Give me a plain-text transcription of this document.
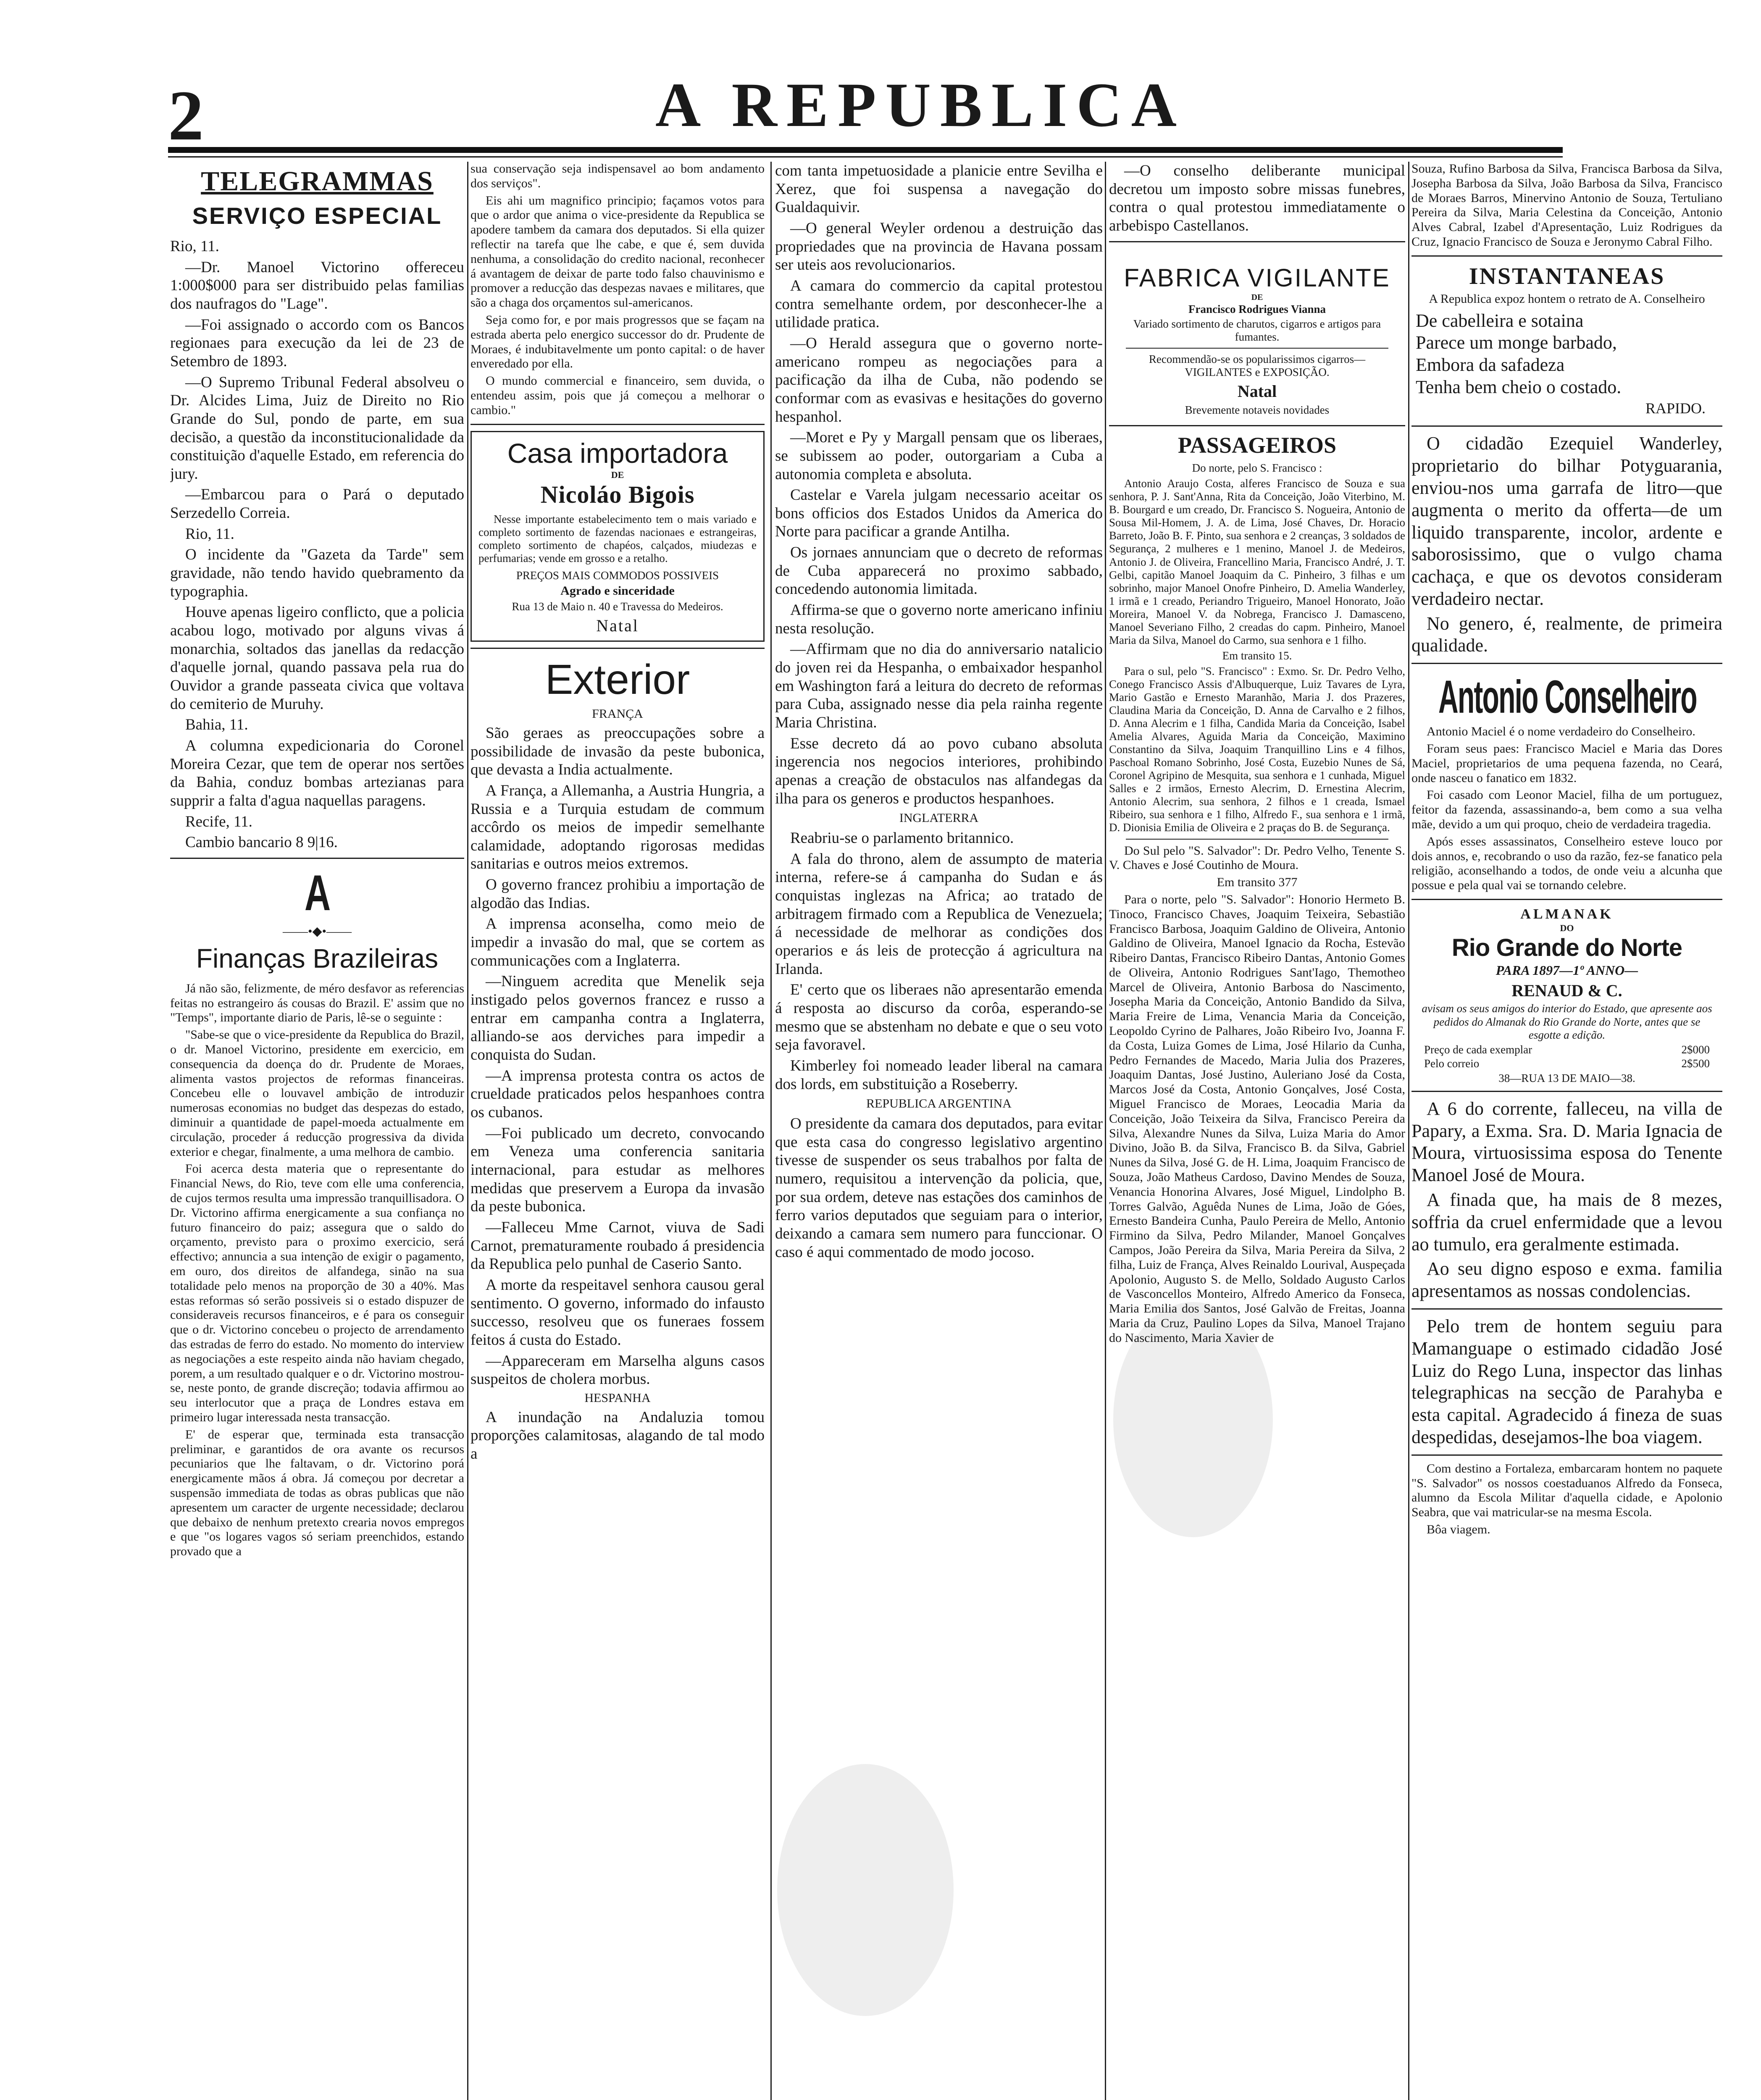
2	A REPUBLICA
TELEGRAMMAS
SERVIÇO ESPECIAL

Rio, 11.

—Dr. Manoel Victorino offereceu 1:000$000 para ser distribuido pelas familias dos naufragos do "Lage".

—Foi assignado o accordo com os Bancos regionaes para execução da lei de 23 de Setembro de 1893.

—O Supremo Tribunal Federal absolveu o Dr. Alcides Lima, Juiz de Direito no Rio Grande do Sul, pondo de parte, em sua decisão, a questão da inconstitucionalidade da constituição d'aquelle Estado, em referencia do jury.

—Embarcou para o Pará o deputado Serzedello Correia.

Rio, 11.

O incidente da "Gazeta da Tarde" sem gravidade, não tendo havido quebramento da typographia.

Houve apenas ligeiro conflicto, que a policia acabou logo, motivado por alguns vivas á monarchia, soltados das janellas da redacção d'aquelle jornal, quando passava pela rua do Ouvidor a grande passeata civica que voltava do cemiterio de Muruhy.

Bahia, 11.

A columna expedicionaria do Coronel Moreira Cezar, que tem de operar nos sertões da Bahia, conduz bombas artezianas para supprir a falta d'agua naquellas paragens.

Recife, 11.

Cambio bancario 8 9|16.

A
——•◆•——
Finanças Brazileiras

Já não são, felizmente, de méro desfavor as referencias feitas no estrangeiro ás cousas do Brazil. E' assim que no "Temps", importante diario de Paris, lê-se o seguinte :

"Sabe-se que o vice-presidente da Republica do Brazil, o dr. Manoel Victorino, presidente em exercicio, em consequencia da doença do dr. Prudente de Moraes, alimenta vastos projectos de reformas financeiras. Concebeu elle o louvavel ambição de introduzir numerosas economias no budget das despezas do estado, diminuir a quantidade de papel-moeda actualmente em circulação, proceder á reducção progressiva da divida exterior e chegar, finalmente, a uma melhora de cambio.

Foi acerca desta materia que o representante do Financial News, do Rio, teve com elle uma conferencia, de cujos termos resulta uma impressão tranquillisadora. O Dr. Victorino affirma energicamente a sua confiança no futuro financeiro do paiz; assegura que o saldo do orçamento, previsto para o proximo exercicio, será effectivo; annuncia a sua intenção de exigir o pagamento, em ouro, dos direitos de alfandega, sinão na sua totalidade pelo menos na proporção de 30 a 40%. Mas estas reformas só serão possiveis si o estado dispuzer de consideraveis recursos financeiros, e é para os conseguir que o dr. Victorino concebeu o projecto de arrendamento das estradas de ferro do estado. No momento do interview as negociações a este respeito ainda não haviam chegado, porem, a um resultado qualquer e o dr. Victorino mostrou-se, neste ponto, de grande discreção; todavia affirmou ao seu interlocutor que a praça de Londres estava em primeiro lugar interessada nesta transacção.

E' de esperar que, terminada esta transacção preliminar, e garantidos de ora avante os recursos pecuniarios que lhe faltavam, o dr. Victorino porá energicamente mãos á obra. Já começou por decretar a suspensão immediata de todas as obras publicas que não apresentem um caracter de urgente necessidade; declarou que debaixo de nenhum pretexto crearia novos empregos e que "os logares vagos só seriam preenchidos, estando provado que a

sua conservação seja indispensavel ao bom andamento dos serviços".

Eis ahi um magnifico principio; façamos votos para que o ardor que anima o vice-presidente da Republica se apodere tambem da camara dos deputados. Si ella quizer reflectir na tarefa que lhe cabe, e que é, sem duvida nenhuma, a consolidação do credito nacional, reconhecer á avantagem de deixar de parte todo falso chauvinismo e promover a reducção das despezas navaes e militares, que são a chaga dos orçamentos sul-americanos.

Seja como for, e por mais progressos que se façam na estrada aberta pelo energico successor do dr. Prudente de Moraes, é indubitavelmente um ponto capital: o de haver enveredado por ella.

O mundo commercial e financeiro, sem duvida, o entendeu assim, pois que já começou a melhorar o cambio."

Casa importadora
DE
Nicoláo Bigois

Nesse importante estabelecimento tem o mais variado e completo sortimento de fazendas nacionaes e estrangeiras, completo sortimento de chapéos, calçados, miudezas e perfumarias; vende em grosso e a retalho.

PREÇOS MAIS COMMODOS POSSIVEIS
Agrado e sinceridade
Rua 13 de Maio n. 40 e Travessa do Medeiros.
Natal
Exterior
FRANÇA

São geraes as preoccupações sobre a possibilidade de invasão da peste bubonica, que devasta a India actualmente.

A França, a Allemanha, a Austria Hungria, a Russia e a Turquia estudam de commum accôrdo os meios de impedir semelhante calamidade, adoptando rigorosas medidas sanitarias e outros meios extremos.

O governo francez prohibiu a importação de algodão das Indias.

A imprensa aconselha, como meio de impedir a invasão do mal, que se cortem as communicações com a Inglaterra.

—Ninguem acredita que Menelik seja instigado pelos governos francez e russo a entrar em campanha contra a Inglaterra, alliando-se aos derviches para impedir a conquista do Sudan.

—A imprensa protesta contra os actos de crueldade praticados pelos hespanhoes contra os cubanos.

—Foi publicado um decreto, convocando em Veneza uma conferencia sanitaria internacional, para estudar as melhores medidas que preservem a Europa da invasão da peste bubonica.

—Falleceu Mme Carnot, viuva de Sadi Carnot, prematuramente roubado á presidencia da Republica pelo punhal de Caserio Santo.

A morte da respeitavel senhora causou geral sentimento. O governo, informado do infausto successo, resolveu que os funeraes fossem feitos á custa do Estado.

—Appareceram em Marselha alguns casos suspeitos de cholera morbus.

HESPANHA

A inundação na Andaluzia tomou proporções calamitosas, alagando de tal modo a

com tanta impetuosidade a planicie entre Sevilha e Xerez, que foi suspensa a navegação do Gualdaquivir.

—O general Weyler ordenou a destruição das propriedades que na provincia de Havana possam ser uteis aos revolucionarios.

A camara do commercio da capital protestou contra semelhante ordem, por desconhecer-lhe a utilidade pratica.

—O Herald assegura que o governo norte-americano rompeu as negociações para a pacificação da ilha de Cuba, não podendo se conformar com as evasivas e hesitações do governo hespanhol.

—Moret e Py y Margall pensam que os liberaes, se subissem ao poder, outorgariam a Cuba a autonomia completa e absoluta.

Castelar e Varela julgam necessario aceitar os bons officios dos Estados Unidos da America do Norte para pacificar a grande Antilha.

Os jornaes annunciam que o decreto de reformas de Cuba apparecerá no proximo sabbado, concedendo autonomia limitada.

Affirma-se que o governo norte americano infiniu nesta resolução.

—Affirmam que no dia do anniversario natalicio do joven rei da Hespanha, o embaixador hespanhol em Washington fará a leitura do decreto de reformas para Cuba, assignado nesse dia pela rainha regente Maria Christina.

Esse decreto dá ao povo cubano absoluta ingerencia nos negocios interiores, prohibindo apenas a creação de obstaculos nas alfandegas da ilha para os generos e productos hespanhoes.

INGLATERRA

Reabriu-se o parlamento britannico.

A fala do throno, alem de assumpto de materia interna, refere-se á campanha do Sudan e ás conquistas inglezas na Africa; ao tratado de arbitragem firmado com a Republica de Venezuela; á necessidade de melhorar as condições dos operarios e ás leis de protecção á agricultura na Irlanda.

E' certo que os liberaes não apresentarão emenda á resposta ao discurso da corôa, esperando-se mesmo que se abstenham no debate e que o seu voto seja favoravel.

Kimberley foi nomeado leader liberal na camara dos lords, em substituição a Roseberry.

REPUBLICA ARGENTINA

O presidente da camara dos deputados, para evitar que esta casa do congresso legislativo argentino tivesse de suspender os seus trabalhos por falta de numero, requisitou a intervenção da policia, que, por sua ordem, deteve nas estações dos caminhos de ferro varios deputados que seguiam para o interior, deixando a camara sem numero para funccionar. O caso é aqui commentado de modo jocoso.

—O conselho deliberante municipal decretou um imposto sobre missas funebres, contra o qual protestou immediatamente o arbebispo Castellanos.

FABRICA VIGILANTE
DE
Francisco Rodrigues Vianna
Variado sortimento de charutos, cigarros e artigos para fumantes.
Recommendão-se os popularissimos cigarros—VIGILANTES e EXPOSIÇÃO.
Natal
Brevemente notaveis novidades
PASSAGEIROS

Do norte, pelo S. Francisco :

Antonio Araujo Costa, alferes Francisco de Souza e sua senhora, P. J. Sant'Anna, Rita da Conceição, João Viterbino, M. B. Bourgard e um creado, Dr. Francisco S. Nogueira, Antonio de Sousa Mil-Homem, J. A. de Lima, José Chaves, Dr. Horacio Barreto, João B. F. Pinto, sua senhora e 2 creanças, 3 soldados de Segurança, 2 mulheres e 1 menino, Manoel J. de Medeiros, Antonio J. de Oliveira, Francellino Maria, Francisco André, J. T. Gelbi, capitão Manoel Joaquim da C. Pinheiro, 3 filhas e um sobrinho, major Manoel Onofre Pinheiro, D. Amelia Wanderley, 1 irmã e 1 creado, Periandro Trigueiro, Manoel Honorato, João Moreira, Manoel V. da Nobrega, Francisco J. Damasceno, Manoel Severiano Filho, 2 creadas do capm. Pinheiro, Manoel Maria da Silva, Manoel do Carmo, sua senhora e 1 filho.

Em transito 15.

Para o sul, pelo "S. Francisco" : Exmo. Sr. Dr. Pedro Velho, Conego Francisco Assis d'Albuquerque, Luiz Tavares de Lyra, Mario Gastão e Ernesto Maranhão, Maria J. dos Prazeres, Claudina Maria da Conceição, D. Anna de Carvalho e 2 filhos, D. Anna Alecrim e 1 filha, Candida Maria da Conceição, Isabel Amelia Alvares, Aguida Maria da Conceição, Maximino Constantino da Silva, Joaquim Tranquillino Lins e 4 filhos, Paschoal Romano Sobrinho, José Costa, Euzebio Nunes de Sá, Coronel Agripino de Mesquita, sua senhora e 1 cunhada, Miguel Salles e 2 irmãos, Ernesto Alecrim, D. Ernestina Alecrim, Antonio Alecrim, sua senhora, 2 filhos e 1 creada, Ismael Ribeiro, sua senhora e 1 filho, Alfredo F., sua senhora e 1 irmã, D. Dionisia Emilia de Oliveira e 2 praças do B. de Segurança.

Do Sul pelo "S. Salvador": Dr. Pedro Velho, Tenente S. V. Chaves e José Coutinho de Moura.

Em transito 377

Para o norte, pelo "S. Salvador": Honorio Hermeto B. Tinoco, Francisco Chaves, Joaquim Teixeira, Sebastião Francisco Barbosa, Joaquim Galdino de Oliveira, Antonio Galdino de Oliveira, Manoel Ignacio da Rocha, Estevão Ribeiro Dantas, Francisco Ribeiro Dantas, Antonio Gomes de Oliveira, Antonio Rodrigues Sant'Iago, Themotheo Marcel de Oliveira, Antonio Barbosa do Nascimento, Josepha Maria da Conceição, Antonio Bandido da Silva, Maria Freire de Lima, Venancia Maria da Conceição, Leopoldo Cyrino de Palhares, João Ribeiro Ivo, Joanna F. da Costa, Luiza Gomes de Lima, José Hilario da Cunha, Pedro Fernandes de Macedo, Maria Julia dos Prazeres, Joaquim Dantas, José Justino, Auleriano José da Costa, Marcos José da Costa, Antonio Gonçalves, José Costa, Miguel Francisco de Moraes, Leocadia Maria da Conceição, João Teixeira da Silva, Francisco Pereira da Silva, Alexandre Nunes da Silva, Luiza Maria do Amor Divino, João B. da Silva, Francisco B. da Silva, Gabriel Nunes da Silva, José G. de H. Lima, Joaquim Francisco de Souza, João Matheus Cardoso, Davino Mendes de Souza, Venancia Honorina Alvares, José Miguel, Lindolpho B. Torres Galvão, Aguêda Nunes de Lima, João de Góes, Ernesto Bandeira Cunha, Paulo Pereira de Mello, Antonio Firmino da Silva, Pedro Milander, Manoel Gonçalves Campos, João Pereira da Silva, Maria Pereira da Silva, 2 filha, Luiz de França, Alves Reinaldo Lourival, Auspeçada Apolonio, Augusto S. de Mello, Soldado Augusto Carlos de Vasconcellos Monteiro, Alfredo Americo da Fonseca, Maria Emilia dos Santos, José Galvão de Freitas, Joanna Maria da Cruz, Paulino Lopes da Silva, Manoel Trajano do Nascimento, Maria Xavier de

Souza, Rufino Barbosa da Silva, Francisca Barbosa da Silva, Josepha Barbosa da Silva, João Barbosa da Silva, Francisco de Moraes Barros, Minervino Antonio de Souza, Tertuliano Pereira da Silva, Maria Celestina da Conceição, Antonio Alves Cabral, Izabel d'Apresentação, Luiz Rodrigues da Cruz, Ignacio Francisco de Souza e Jeronymo Cabral Filho.

INSTANTANEAS
A Republica expoz hontem o retrato de A. Conselheiro
De cabelleira e sotaina
Parece um monge barbado,
Embora da safadeza
Tenha bem cheio o costado.
RAPIDO.

O cidadão Ezequiel Wanderley, proprietario do bilhar Potyguarania, enviou-nos uma garrafa de litro—que augmenta o merito da offerta—de um liquido transparente, incolor, ardente e saborosissimo, que o vulgo chama cachaça, e que os devotos consideram verdadeiro nectar.

No genero, é, realmente, de primeira qualidade.

Antonio Conselheiro

Antonio Maciel é o nome verdadeiro do Conselheiro.

Foram seus paes: Francisco Maciel e Maria das Dores Maciel, proprietarios de uma pequena fazenda, no Ceará, onde nasceu o fanatico em 1832.

Foi casado com Leonor Maciel, filha de um portuguez, feitor da fazenda, assassinando-a, bem como a sua velha mãe, devido a um qui proquo, cheio de verdadeira tragedia.

Após esses assassinatos, Conselheiro esteve louco por dois annos, e, recobrando o uso da razão, fez-se fanatico pela religião, aconselhando a todos, de onde veiu a alcunha que possue e pela qual vai se tornando celebre.

ALMANAK
DO
Rio Grande do Norte
PARA 1897—1º ANNO—
RENAUD & C.
avisam os seus amigos do interior do Estado, que apresente aos pedidos do Almanak do Rio Grande do Norte, antes que se esgotte a edição.
Preço de cada exemplar	2$000
Pelo correio	2$500
38—RUA 13 DE MAIO—38.

A 6 do corrente, falleceu, na villa de Papary, a Exma. Sra. D. Maria Ignacia de Moura, virtuosissima esposa do Tenente Manoel José de Moura.

A finada que, ha mais de 8 mezes, soffria da cruel enfermidade que a levou ao tumulo, era geralmente estimada.

Ao seu digno esposo e exma. familia apresentamos as nossas condolencias.

Pelo trem de hontem seguiu para Mamanguape o estimado cidadão José Luiz do Rego Luna, inspector das linhas telegraphicas na secção de Parahyba e esta capital. Agradecido á fineza de suas despedidas, desejamos-lhe boa viagem.

Com destino a Fortaleza, embarcaram hontem no paquete "S. Salvador" os nossos coestaduanos Alfredo da Fonseca, alumno da Escola Militar d'aquella cidade, e Apolonio Seabra, que vai matricular-se na mesma Escola.

Bôa viagem.
